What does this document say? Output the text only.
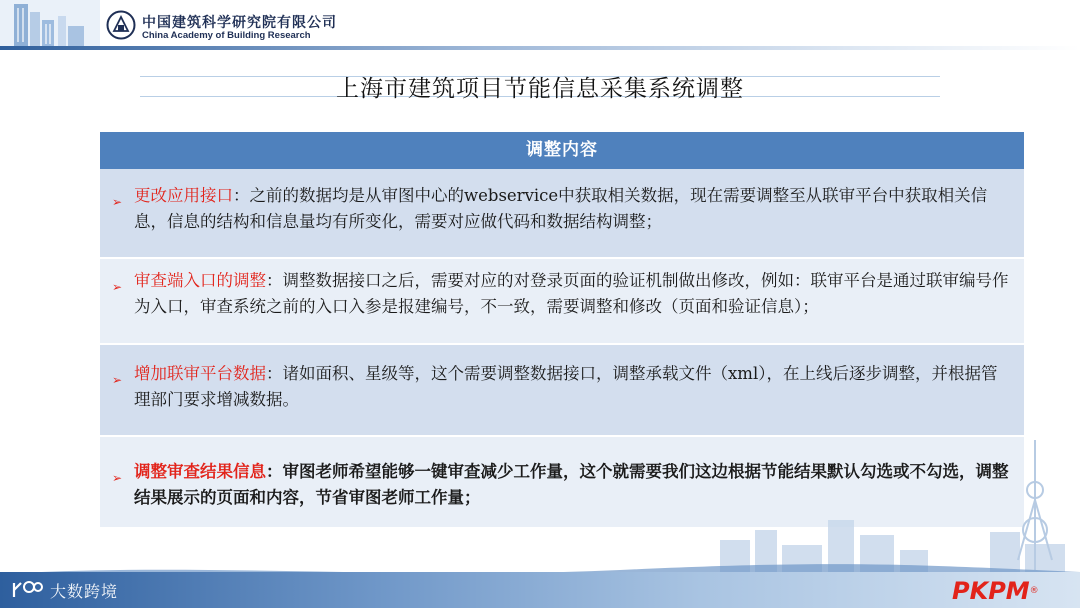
中国建筑科学研究院有限公司
China Academy of Building Research
上海市建筑项目节能信息采集系统调整
调整内容
➢ 更改应用接口：之前的数据均是从审图中心的webservice中获取相关数据，现在需要调整至从联审平台中获取相关信息，信息的结构和信息量均有所变化，需要对应做代码和数据结构调整；
➢ 审查端入口的调整：调整数据接口之后，需要对应的对登录页面的验证机制做出修改，例如：联审平台是通过联审编号作为入口，审查系统之前的入口入参是报建编号，不一致，需要调整和修改（页面和验证信息）；
➢ 增加联审平台数据：诸如面积、星级等，这个需要调整数据接口，调整承载文件（xml），在上线后逐步调整，并根据管理部门要求增减数据。
➢ 调整审查结果信息：审图老师希望能够一键审查减少工作量，这个就需要我们这边根据节能结果默认勾选或不勾选，调整结果展示的页面和内容，节省审图老师工作量；
大数跨境	PKPM ®
